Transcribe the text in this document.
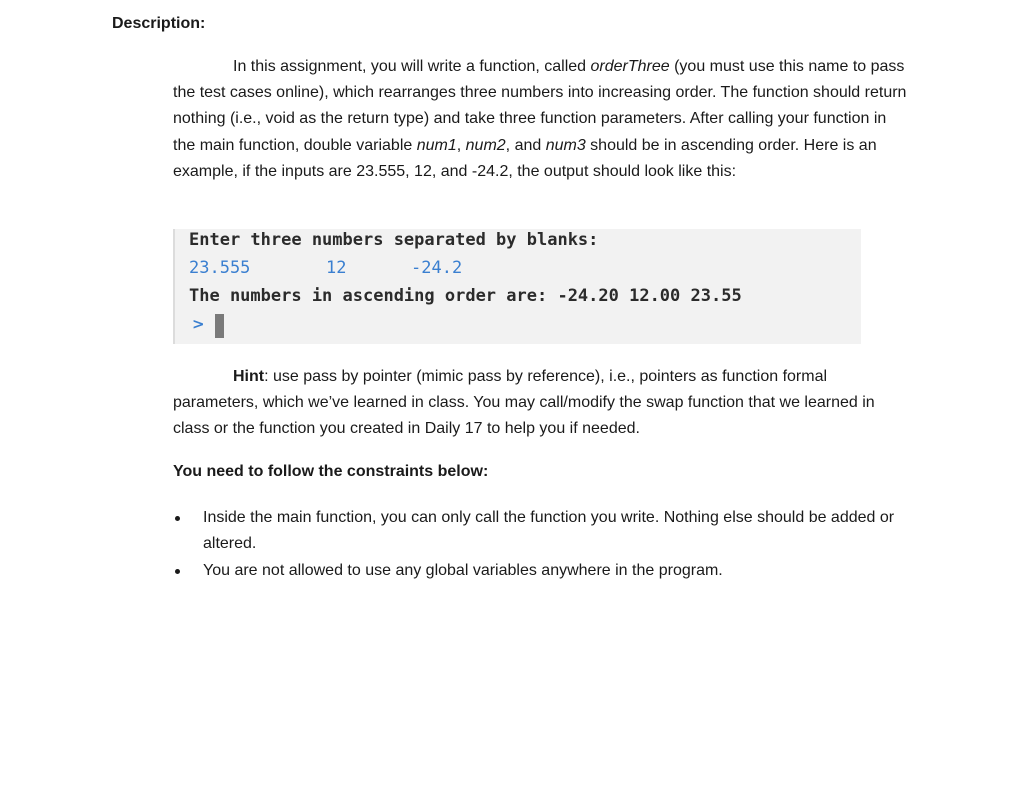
Description:

In this assignment, you will write a function, called orderThree (you must use this name to pass the test cases online), which rearranges three numbers into increasing order. The function should return nothing (i.e., void as the return type) and take three function parameters. After calling your function in the main function, double variable num1, num2, and num3 should be in ascending order. Here is an example, if the inputs are 23.555, 12, and -24.2, the output should look like this:

Enter three numbers separated by blanks:

23.555

	12

	-24.2

The numbers in ascending order are: -24.20 12.00 23.55
>

Hint: use pass by pointer (mimic pass by reference), i.e., pointers as function formal parameters, which we’ve learned in class. You may call/modify the swap function that we learned in class or the function you created in Daily 17 to help you if needed.

You need to follow the constraints below:
Inside the main function, you can only call the function you write. Nothing else should be added or altered.
You are not allowed to use any global variables anywhere in the program.
